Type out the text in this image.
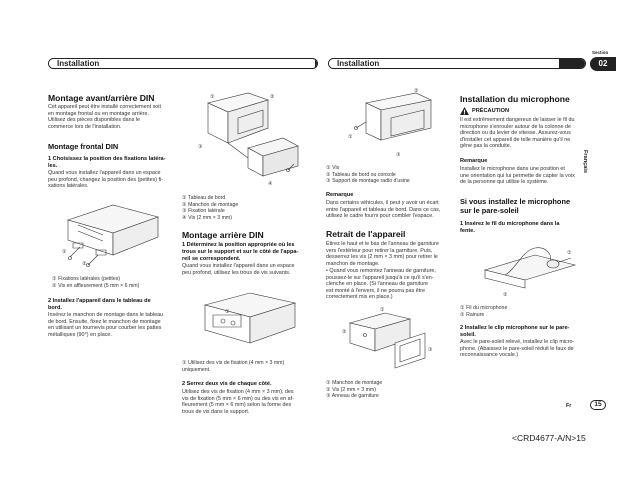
Section
02
Installation	Installation
Français
Montage avant/arrière DIN
Cet appareil peut être installé correctement soit
en montage frontal ou en montage arrière.
Utilisez des pièces disponibles dans le
commerce lors de l'installation.
Montage frontal DIN
1 Choisissez la position des fixations latéra-
les.
Quand vous installez l'appareil dans un espace
peu profond, changez la position des (petites) fi-
xations latérales.
①
②
① Fixations latérales (petites)
② Vis en affleurement (5 mm × 6 mm)
2 Installez l'appareil dans le tableau de
bord.
Insérez le manchon de montage dans le tableau
de bord. Ensuite, fixez le manchon de montage
en utilisant un tournevis pour courber les pattes
métalliques (90°) en place.
①	②
③
④
① Tableau de bord
② Manchon de montage
③ Fixation latérale
④ Vis (2 mm × 3 mm)
Montage arrière DIN
1 Déterminez la position appropriée où les
trous sur le support et sur le côté de l'appa-
reil se correspondent.
Quand vous installez l'appareil dans un espace
peu profond, utilisez les trous de vis suivants.
①
① Utilisez des vis de fixation (4 mm × 3 mm)
uniquement.
2 Serrez deux vis de chaque côté.
Utilisez des vis de fixation (4 mm × 3 mm), des
vis de fixation (5 mm × 6 mm) ou des vis en af-
fleurement (5 mm × 6 mm) selon la forme des
trous de vis dans le support.
②
①
③
① Vis
② Tableau de bord ou console
③ Support de montage radio d'usine
Remarque
Dans certains véhicules, il peut y avoir un écart
entre l'appareil et tableau de bord. Dans ce cas,
utilisez le cadre fourni pour combler l'espace.
Retrait de l'appareil
Étirez le haut et le bas de l'anneau de garniture
vers l'extérieur pour retirer la garniture. Puis,
desserrez les vis (2 mm × 3 mm) pour retirer le
manchon de montage.
• Quand vous remontez l'anneau de garniture,
poussez-le sur l'appareil jusqu'à ce qu'il s'en-
clenche en place. (Si l'anneau de garniture
est monté à l'envers, il ne pourra pas être
correctement mis en place.)
①
②
③
① Manchon de montage
② Vis (2 mm × 3 mm)
③ Anneau de garniture
Installation du microphone
PRÉCAUTION
Il est extrêmement dangereux de laisser le fil du
microphone s'enrouler autour de la colonne de
direction ou du levier de vitesse. Assurez-vous
d'installer cet appareil de telle manière qu'il ne
gêne pas la conduite.
Remarque
Installez le microphone dans une position et
une orientation qui lui permette de capter la voix
de la personne qui utilise le système.
Si vous installez le microphone
sur le pare-soleil
1 Insérez le fil du microphone dans la
fente.
①
②
① Fil du microphone
② Rainure
2 Installez le clip microphone sur le pare-
soleil.
Avec le pare-soleil relevé, installez le clip micro-
phone. (Abaissez le pare-soleil réduit le faux de
reconnaissance vocale.)
Fr	15
<CRD4677-A/N>15
